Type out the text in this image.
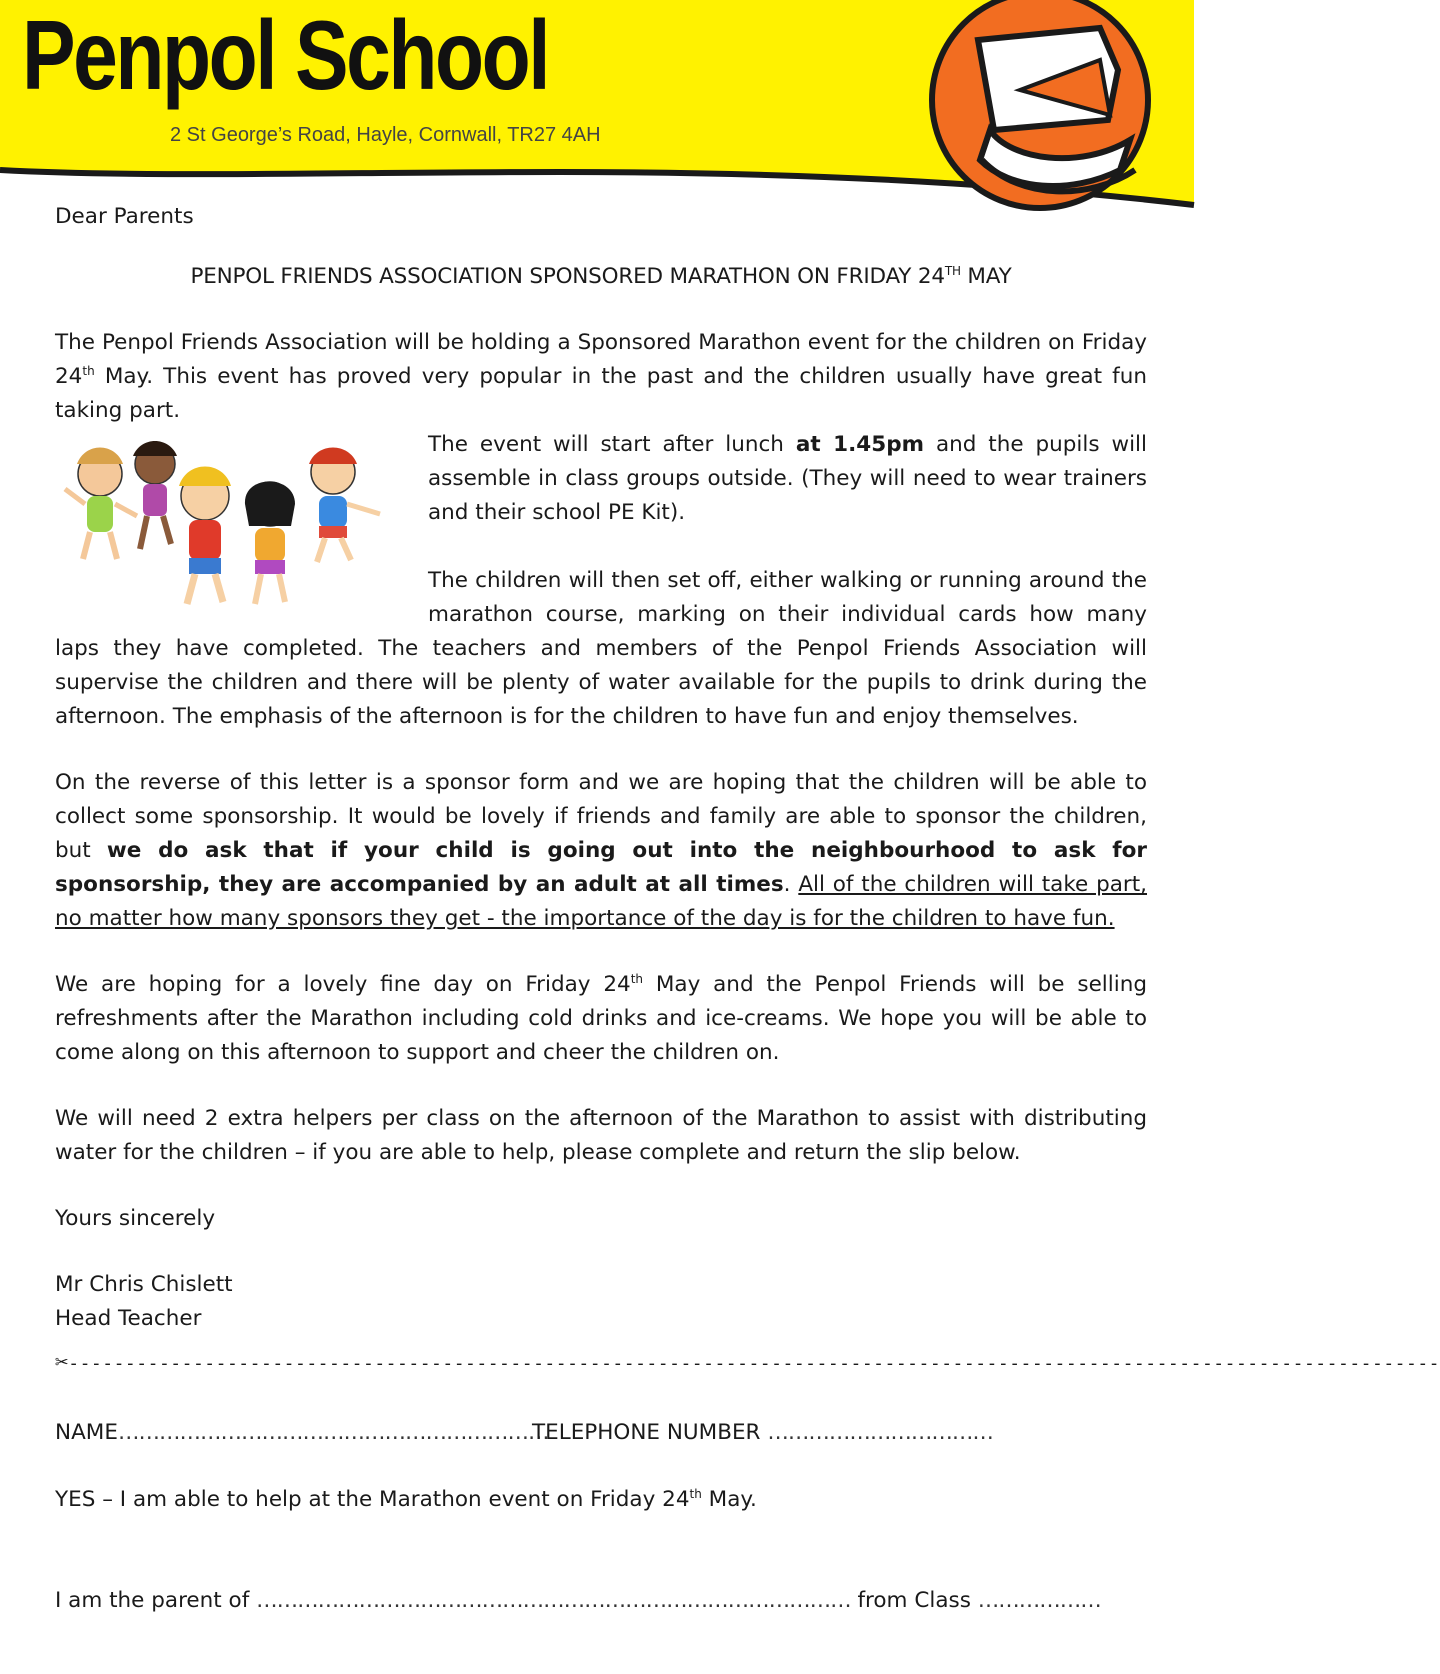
Penpol School
2 St George’s Road, Hayle, Cornwall, TR27 4AH

Dear Parents

PENPOL FRIENDS ASSOCIATION SPONSORED MARATHON ON FRIDAY 24TH MAY

The Penpol Friends Association will be holding a Sponsored Marathon event for the children on Friday 24th May. This event has proved very popular in the past and the children usually have great fun taking part.

The event will start after lunch at 1.45pm and the pupils will assemble in class groups outside. (They will need to wear trainers and their school PE Kit).

The children will then set off, either walking or running around the marathon course, marking on their individual cards how many laps they have completed. The teachers and members of the Penpol Friends Association will supervise the children and there will be plenty of water available for the pupils to drink during the afternoon. The emphasis of the afternoon is for the children to have fun and enjoy themselves.

On the reverse of this letter is a sponsor form and we are hoping that the children will be able to collect some sponsorship. It would be lovely if friends and family are able to sponsor the children, but we do ask that if your child is going out into the neighbourhood to ask for sponsorship, they are accompanied by an adult at all times. All of the children will take part, no matter how many sponsors they get - the importance of the day is for the children to have fun.

We are hoping for a lovely fine day on Friday 24th May and the Penpol Friends will be selling refreshments after the Marathon including cold drinks and ice-creams. We hope you will be able to come along on this afternoon to support and cheer the children on.

We will need 2 extra helpers per class on the afternoon of the Marathon to assist with distributing water for the children – if you are able to help, please complete and return the slip below.

Yours sincerely

Mr Chris Chislett

Head Teacher

✂-------------------------------------------------------------------------------------------------------------------------
NAME………………………………………………………
TELEPHONE NUMBER ……………………………
YES – I am able to help at the Marathon event on Friday 24th May.
I am the parent of …………………………………………………………………………… from Class ………………
